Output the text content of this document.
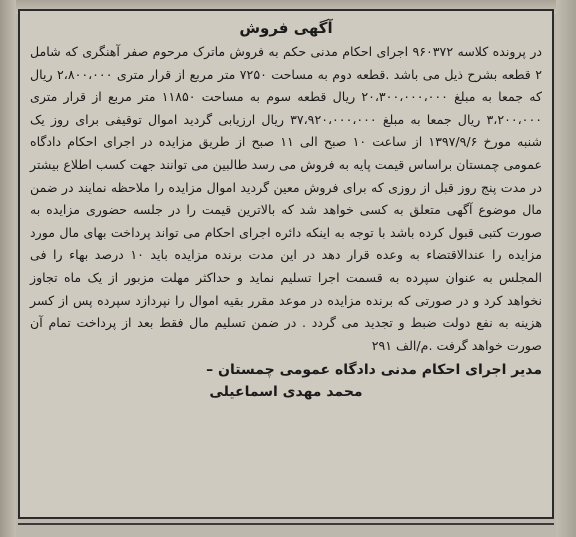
آگهی فروش

در پرونده کلاسه ۹۶۰۳۷۲ اجرای احکام مدنی حکم به فروش ماترک مرحوم صفر آهنگری که شامل ۲ قطعه بشرح ذیل می باشد .قطعه دوم به مساحت ۷۲۵۰ متر مربع از قرار متری ۲،۸۰۰،۰۰۰ ریال که جمعا به مبلغ ۲۰،۳۰۰،۰۰۰،۰۰۰ ریال قطعه سوم به مساحت ۱۱۸۵۰ متر مربع از قرار متری ۳،۲۰۰،۰۰۰ ریال جمعا به مبلغ ۳۷،۹۲۰،۰۰۰،۰۰۰ ریال ارزیابی گردید اموال توقیفی برای روز یک شنبه مورخ ۱۳۹۷/۹/۶ از ساعت ۱۰ صبح الی ۱۱ صبح از طریق مزایده در اجرای احکام دادگاه عمومی چمستان براساس قیمت پایه به فروش می رسد طالبین می توانند جهت کسب اطلاع بیشتر در مدت پنج روز قبل از روزی که برای فروش معین گردید اموال مزایده را ملاحظه نمایند در ضمن مال موضوع آگهی متعلق به کسی خواهد شد که بالاترین قیمت را در جلسه حضوری مزایده به صورت کتبی قبول کرده باشد با توجه به اینکه دائره اجرای احکام می تواند پرداخت بهای مال مورد مزایده را عندالاقتضاء به وعده قرار دهد در این مدت برنده مزایده باید ۱۰ درصد بهاء را فی المجلس به عنوان سپرده به قسمت اجرا تسلیم نماید و حداکثر مهلت مزبور از یک ماه تجاوز نخواهد کرد و در صورتی که برنده مزایده در موعد مقرر بقیه اموال را نپردازد سپرده پس از کسر هزینه به نفع دولت ضبط و تجدید می گردد . در ضمن تسلیم مال فقط بعد از پرداخت تمام آن صورت خواهد گرفت .م/الف ۲۹۱

مدیر اجرای احکام مدنی دادگاه عمومی چمستان –
محمد مهدی اسماعیلی
